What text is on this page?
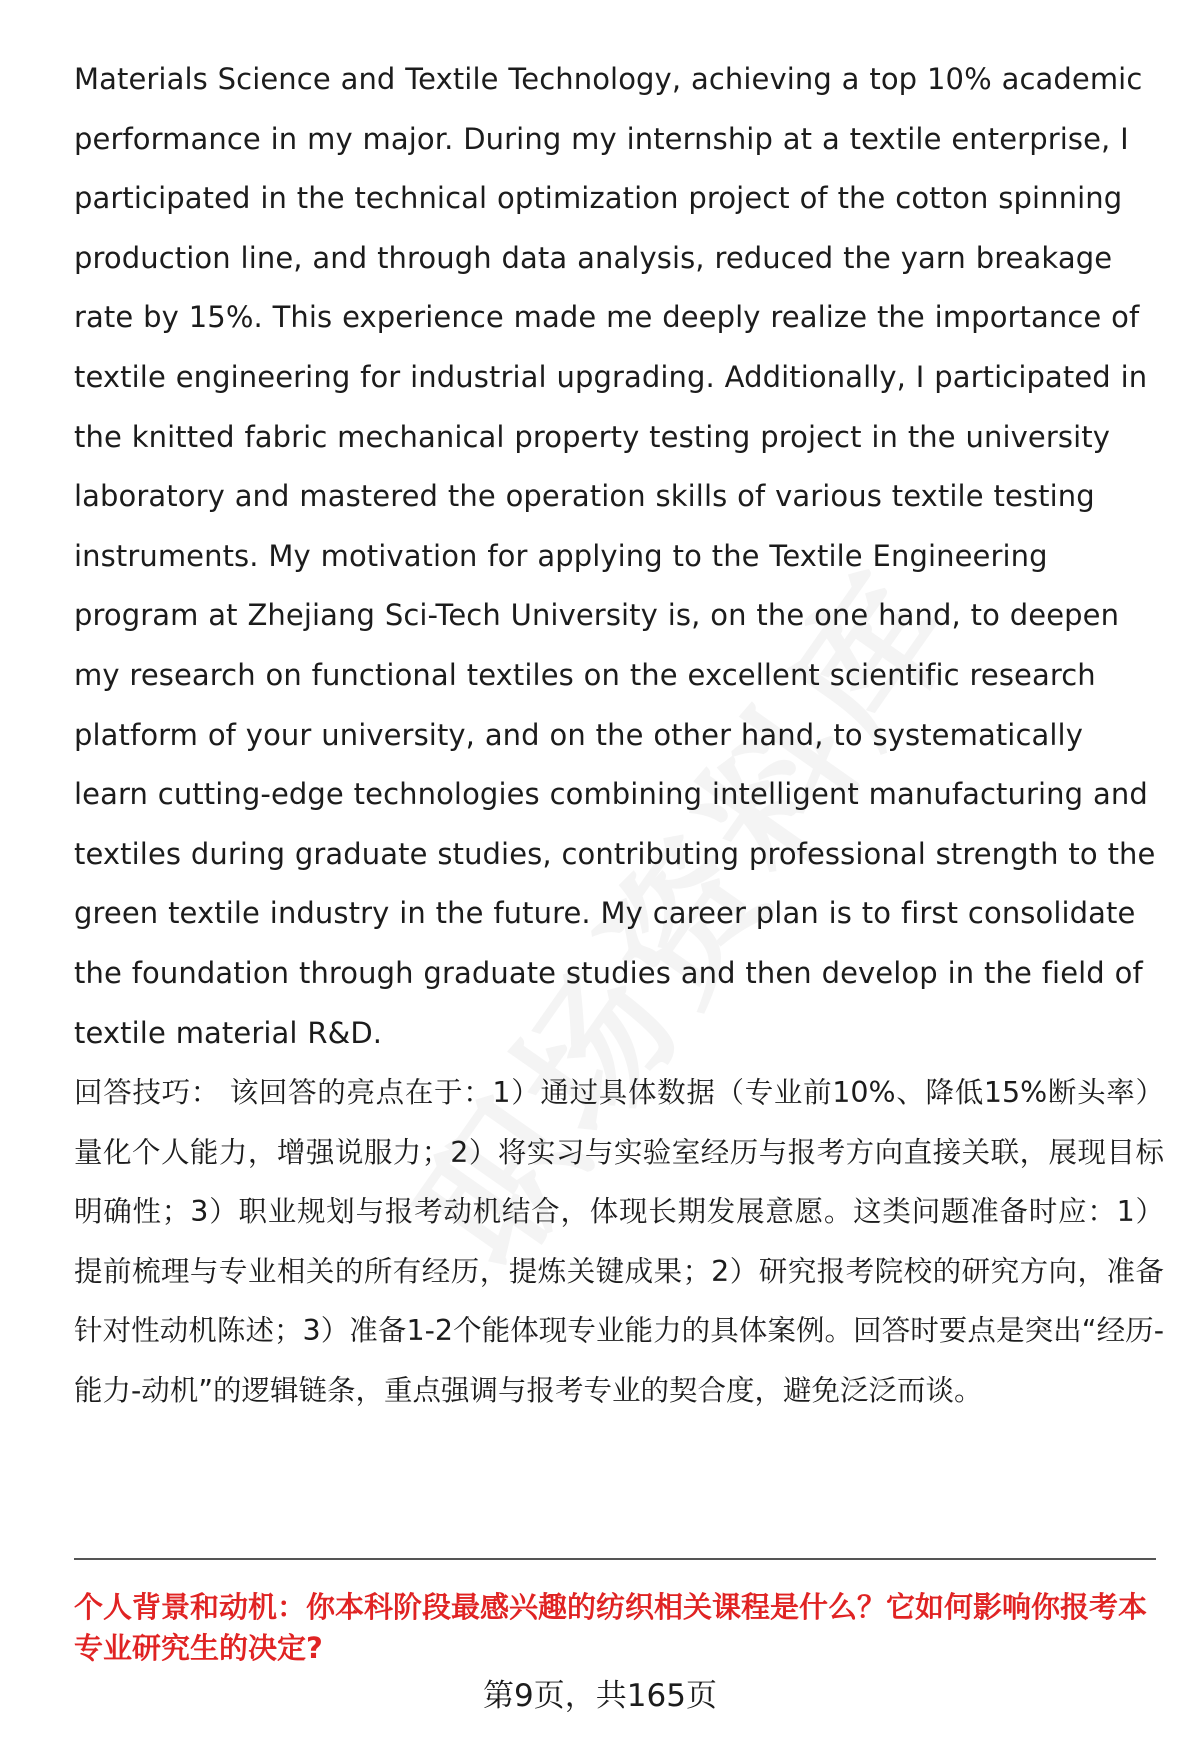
Materials Science and Textile Technology, achieving a top 10% academic performance in my major. During my internship at a textile enterprise, I participated in the technical optimization project of the cotton spinning production line, and through data analysis, reduced the yarn breakage rate by 15%. This experience made me deeply realize the importance of textile engineering for industrial upgrading. Additionally, I participated in the knitted fabric mechanical property testing project in the university laboratory and mastered the operation skills of various textile testing instruments. My motivation for applying to the Textile Engineering program at Zhejiang Sci-Tech University is, on the one hand, to deepen my research on functional textiles on the excellent scientific research platform of your university, and on the other hand, to systematically learn cutting-edge technologies combining intelligent manufacturing and textiles during graduate studies, contributing professional strength to the green textile industry in the future. My career plan is to first consolidate the foundation through graduate studies and then develop in the field of textile material R&D.

回答技巧： 该回答的亮点在于：1）通过具体数据（专业前10%、降低15%断头率）量化个人能力，增强说服力；2）将实习与实验室经历与报考方向直接关联，展现目标明确性；3）职业规划与报考动机结合，体现长期发展意愿。这类问题准备时应：1）提前梳理与专业相关的所有经历，提炼关键成果；2）研究报考院校的研究方向，准备针对性动机陈述；3）准备1-2个能体现专业能力的具体案例。回答时要点是突出“经历-能力-动机”的逻辑链条，重点强调与报考专业的契合度，避免泛泛而谈。

个人背景和动机：你本科阶段最感兴趣的纺织相关课程是什么？它如何影响你报考本专业研究生的决定?

第9页，共165页
